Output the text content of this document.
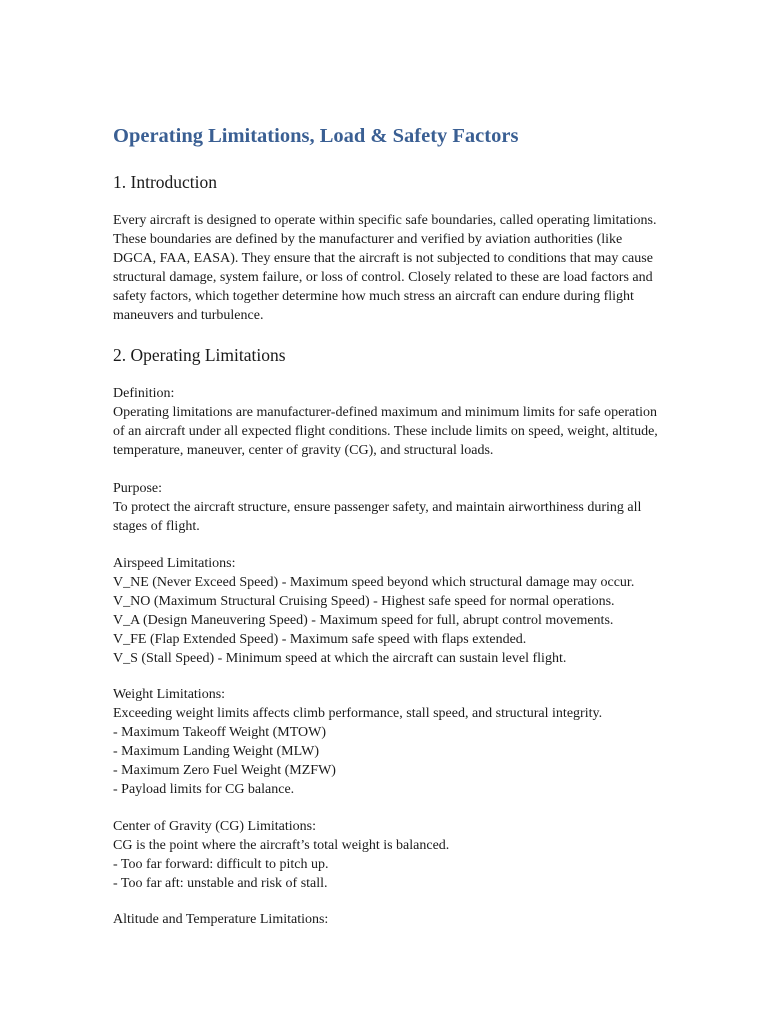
Operating Limitations, Load & Safety Factors
1. Introduction
Every aircraft is designed to operate within specific safe boundaries, called operating limitations.
These boundaries are defined by the manufacturer and verified by aviation authorities (like
DGCA, FAA, EASA). They ensure that the aircraft is not subjected to conditions that may cause
structural damage, system failure, or loss of control. Closely related to these are load factors and
safety factors, which together determine how much stress an aircraft can endure during flight
maneuvers and turbulence.
2. Operating Limitations
Definition:
Operating limitations are manufacturer-defined maximum and minimum limits for safe operation
of an aircraft under all expected flight conditions. These include limits on speed, weight, altitude,
temperature, maneuver, center of gravity (CG), and structural loads.
Purpose:
To protect the aircraft structure, ensure passenger safety, and maintain airworthiness during all
stages of flight.
Airspeed Limitations:
V_NE (Never Exceed Speed) - Maximum speed beyond which structural damage may occur.
V_NO (Maximum Structural Cruising Speed) - Highest safe speed for normal operations.
V_A (Design Maneuvering Speed) - Maximum speed for full, abrupt control movements.
V_FE (Flap Extended Speed) - Maximum safe speed with flaps extended.
V_S (Stall Speed) - Minimum speed at which the aircraft can sustain level flight.
Weight Limitations:
Exceeding weight limits affects climb performance, stall speed, and structural integrity.
- Maximum Takeoff Weight (MTOW)
- Maximum Landing Weight (MLW)
- Maximum Zero Fuel Weight (MZFW)
- Payload limits for CG balance.
Center of Gravity (CG) Limitations:
CG is the point where the aircraft’s total weight is balanced.
- Too far forward: difficult to pitch up.
- Too far aft: unstable and risk of stall.
Altitude and Temperature Limitations:
